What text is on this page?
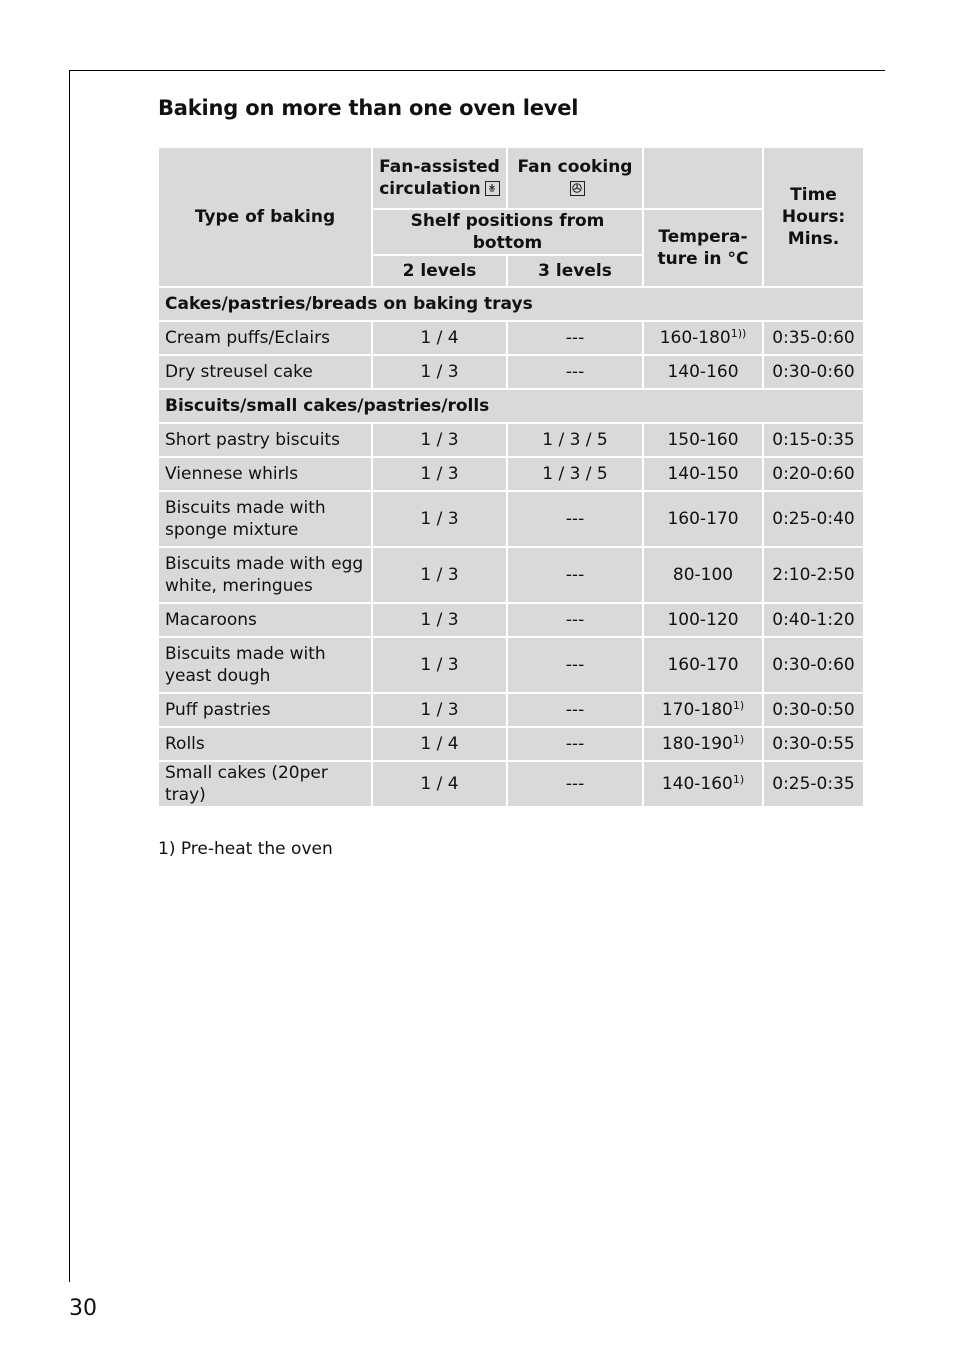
Baking on more than one oven level
Type of baking	Fan-assisted circulation	Fan cooking		Time
Hours:
Mins.
	Shelf positions from bottom		Tempera-
ture in °C	
	2 levels	3 levels		
Cakes/pastries/breads on baking trays				
Cream puffs/Eclairs	1 / 4	---	$160-180^{1))}$	0:35-0:60
Dry streusel cake	1 / 3	---	140-160	0:30-0:60
Biscuits/small cakes/pastries/rolls				
Short pastry biscuits	1 / 3	1 / 3 / 5	150-160	0:15-0:35
Viennese whirls	1 / 3	1 / 3 / 5	140-150	0:20-0:60
Biscuits made with sponge mixture	1 / 3	---	160-170	0:25-0:40
Biscuits made with egg white, meringues	1 / 3	---	80-100	2:10-2:50
Macaroons	1 / 3	---	100-120	0:40-1:20
Biscuits made with yeast dough	1 / 3	---	160-170	0:30-0:60
Puff pastries	1 / 3	---	170-180$^{1)}$	0:30-0:50
Rolls	1 / 4	---	180-190$^{1)}$	0:30-0:55
Small cakes (20per tray)	1 / 4	---	140-160$^{1)}$	0:25-0:35
1) Pre-heat the oven
30
